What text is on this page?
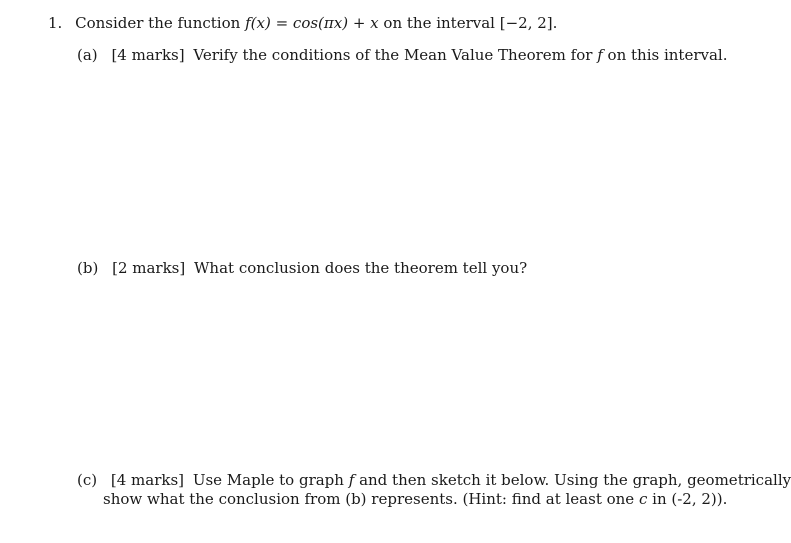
1. Consider the function f(x) = cos(πx) + x on the interval [−2, 2].
(a) [4 marks] Verify the conditions of the Mean Value Theorem for f on this interval.
(b) [2 marks] What conclusion does the theorem tell you?
(c) [4 marks] Use Maple to graph f and then sketch it below. Using the graph, geometrically
show what the conclusion from (b) represents. (Hint: find at least one c in (-2, 2)).
